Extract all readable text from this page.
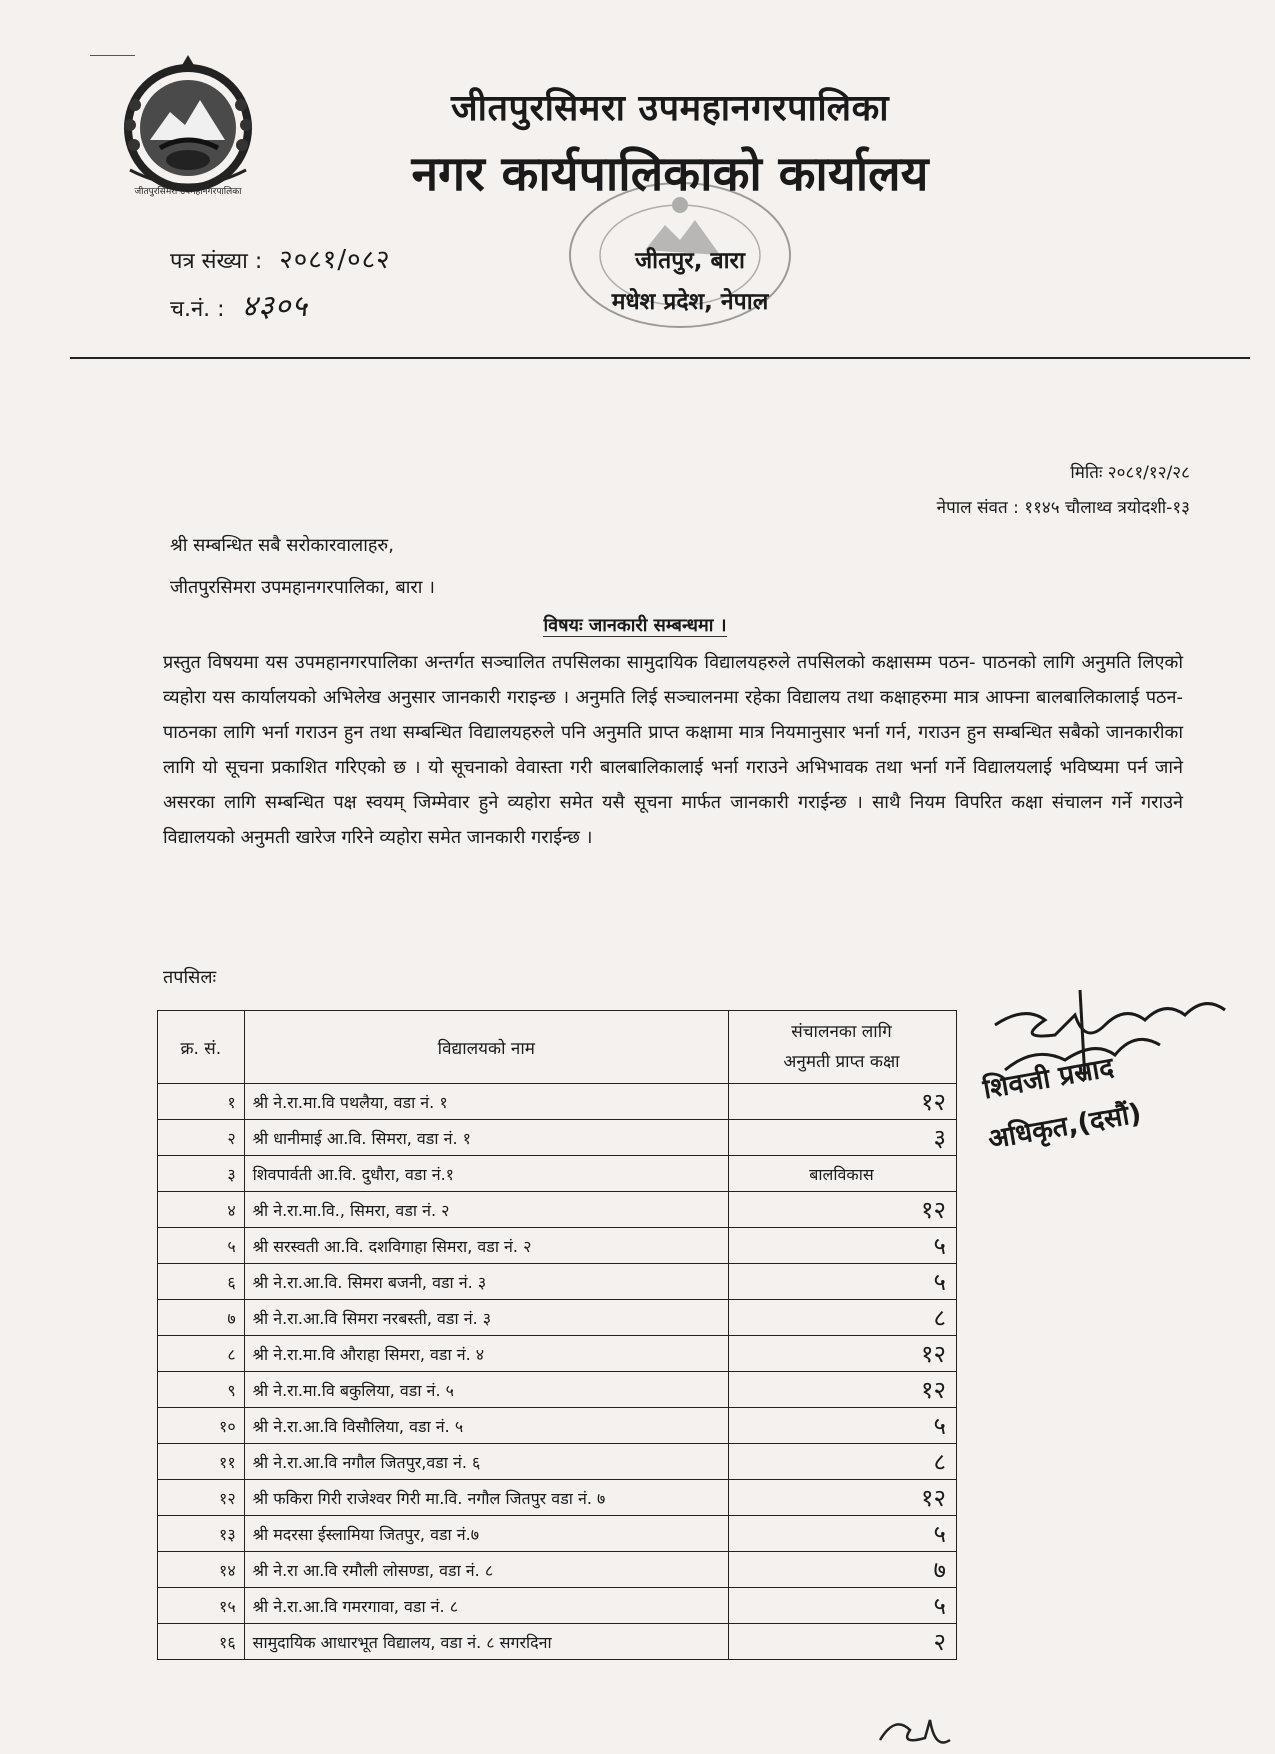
जीतपुरसिमरा उपमहानगरपालिका
जीतपुरसिमरा उपमहानगरपालिका
नगर कार्यपालिकाको कार्यालय
जीतपुर, बारा
मधेश प्रदेश, नेपाल
पत्र संख्या : २०८१/०८२
च.नं. : ४३०५
मितिः २०८१/१२/२८
नेपाल संवत : ११४५ चौलाथ्व त्रयोदशी-१३
श्री सम्बन्धित सबै सरोकारवालाहरु,
जीतपुरसिमरा उपमहानगरपालिका, बारा ।
विषयः जानकारी सम्बन्धमा ।
प्रस्तुत विषयमा यस उपमहानगरपालिका अन्तर्गत सञ्चालित तपसिलका सामुदायिक विद्यालयहरुले तपसिलको कक्षासम्म पठन- पाठनको लागि अनुमति लिएको व्यहोरा यस कार्यालयको अभिलेख अनुसार जानकारी गराइन्छ । अनुमति लिई सञ्चालनमा रहेका विद्यालय तथा कक्षाहरुमा मात्र आफ्ना बालबालिकालाई पठन- पाठनका लागि भर्ना गराउन हुन तथा सम्बन्धित विद्यालयहरुले पनि अनुमति प्राप्त कक्षामा मात्र नियमानुसार भर्ना गर्न, गराउन हुन सम्बन्धित सबैको जानकारीका लागि यो सूचना प्रकाशित गरिएको छ । यो सूचनाको वेवास्ता गरी बालबालिकालाई भर्ना गराउने अभिभावक तथा भर्ना गर्ने विद्यालयलाई भविष्यमा पर्न जाने असरका लागि सम्बन्धित पक्ष स्वयम् जिम्मेवार हुने व्यहोरा समेत यसै सूचना मार्फत जानकारी गराईन्छ । साथै नियम विपरित कक्षा संचालन गर्ने गराउने विद्यालयको अनुमती खारेज गरिने व्यहोरा समेत जानकारी गराईन्छ ।
तपसिलः
क्र. सं.	विद्यालयको नाम	संचालनका लागि
अनुमती प्राप्त कक्षा

१	श्री ने.रा.मा.वि पथलैया, वडा नं. १	१२
२	श्री धानीमाई आ.वि. सिमरा, वडा नं. १	३
३	शिवपार्वती आ.वि. दुधौरा, वडा नं.१	बालविकास
४	श्री ने.रा.मा.वि., सिमरा, वडा नं. २	१२
५	श्री सरस्वती आ.वि. दशविगाहा सिमरा, वडा नं. २	५
६	श्री ने.रा.आ.वि. सिमरा बजनी, वडा नं. ३	५
७	श्री ने.रा.आ.वि सिमरा नरबस्ती, वडा नं. ३	८
८	श्री ने.रा.मा.वि औराहा सिमरा, वडा नं. ४	१२
९	श्री ने.रा.मा.वि बकुलिया, वडा नं. ५	१२
१०	श्री ने.रा.आ.वि विसौलिया, वडा नं. ५	५
११	श्री ने.रा.आ.वि नगौल जितपुर,वडा नं. ६	८
१२	श्री फकिरा गिरी राजेश्वर गिरी मा.वि. नगौल जितपुर वडा नं. ७	१२
१३	श्री मदरसा ईस्लामिया जितपुर, वडा नं.७	५
१४	श्री ने.रा आ.वि रमौली लोसण्डा, वडा नं. ८	७
१५	श्री ने.रा.आ.वि गमरगावा, वडा नं. ८	५
१६	सामुदायिक आधारभूत विद्यालय, वडा नं. ८ सगरदिना	२
शिवजी प्रसाद
अधिकृत,(दसौं)
